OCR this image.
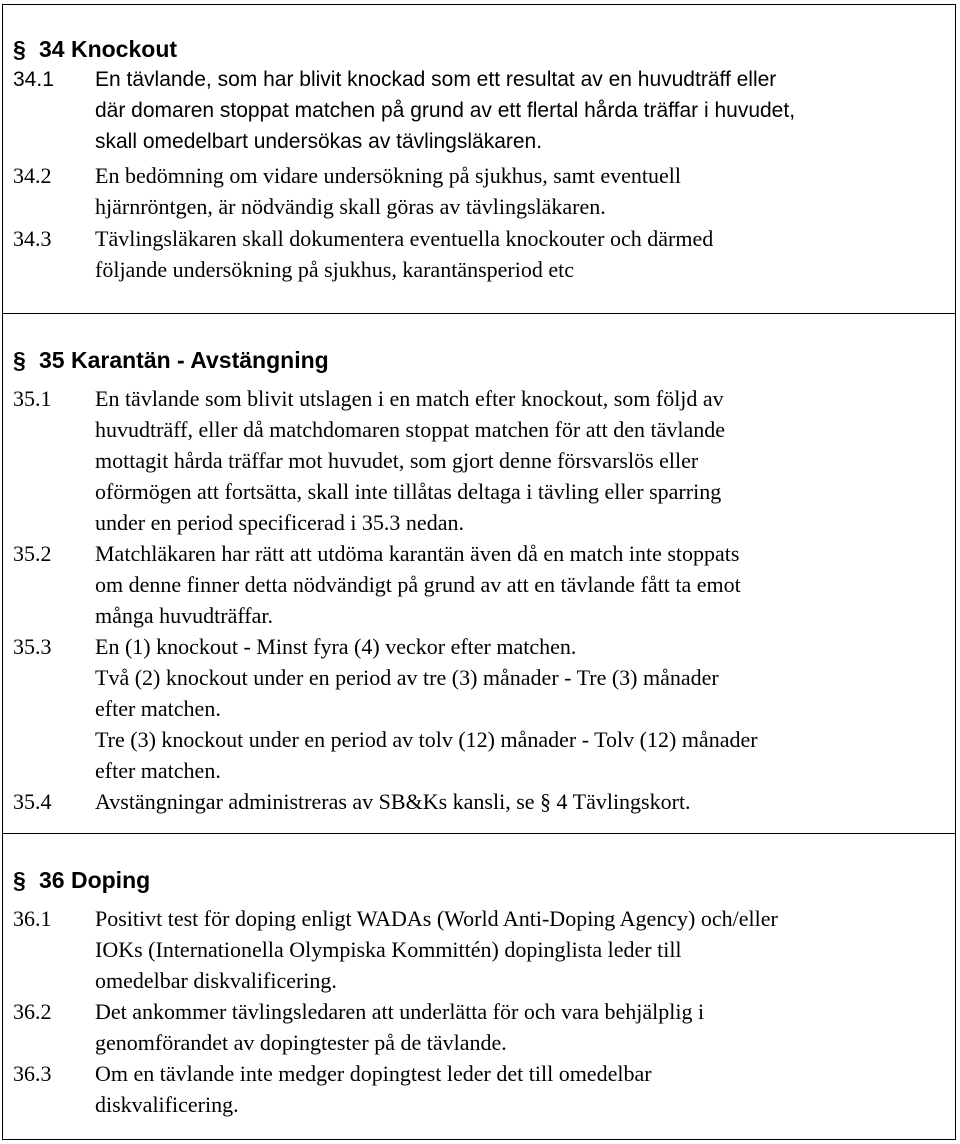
§ 34 Knockout
34.1	En tävlande, som har blivit knockad som ett resultat av en huvudträff eller
där domaren stoppat matchen på grund av ett flertal hårda träffar i huvudet,
skall omedelbart undersökas av tävlingsläkaren.
34.2	En bedömning om vidare undersökning på sjukhus, samt eventuell
hjärnröntgen, är nödvändig skall göras av tävlingsläkaren.
34.3	Tävlingsläkaren skall dokumentera eventuella knockouter och därmed
följande undersökning på sjukhus, karantänsperiod etc
§ 35 Karantän - Avstängning
35.1	En tävlande som blivit utslagen i en match efter knockout, som följd av
huvudträff, eller då matchdomaren stoppat matchen för att den tävlande
mottagit hårda träffar mot huvudet, som gjort denne försvarslös eller
oförmögen att fortsätta, skall inte tillåtas deltaga i tävling eller sparring
under en period specificerad i 35.3 nedan.
35.2	Matchläkaren har rätt att utdöma karantän även då en match inte stoppats
om denne finner detta nödvändigt på grund av att en tävlande fått ta emot
många huvudträffar.
35.3	En (1) knockout - Minst fyra (4) veckor efter matchen.
Två (2) knockout under en period av tre (3) månader - Tre (3) månader
efter matchen.
Tre (3) knockout under en period av tolv (12) månader - Tolv (12) månader
efter matchen.
35.4	Avstängningar administreras av SB&Ks kansli, se § 4 Tävlingskort.
§ 36 Doping
36.1	Positivt test för doping enligt WADAs (World Anti-Doping Agency) och/eller
IOKs (Internationella Olympiska Kommittén) dopinglista leder till
omedelbar diskvalificering.
36.2	Det ankommer tävlingsledaren att underlätta för och vara behjälplig i
genomförandet av dopingtester på de tävlande.
36.3	Om en tävlande inte medger dopingtest leder det till omedelbar
diskvalificering.
